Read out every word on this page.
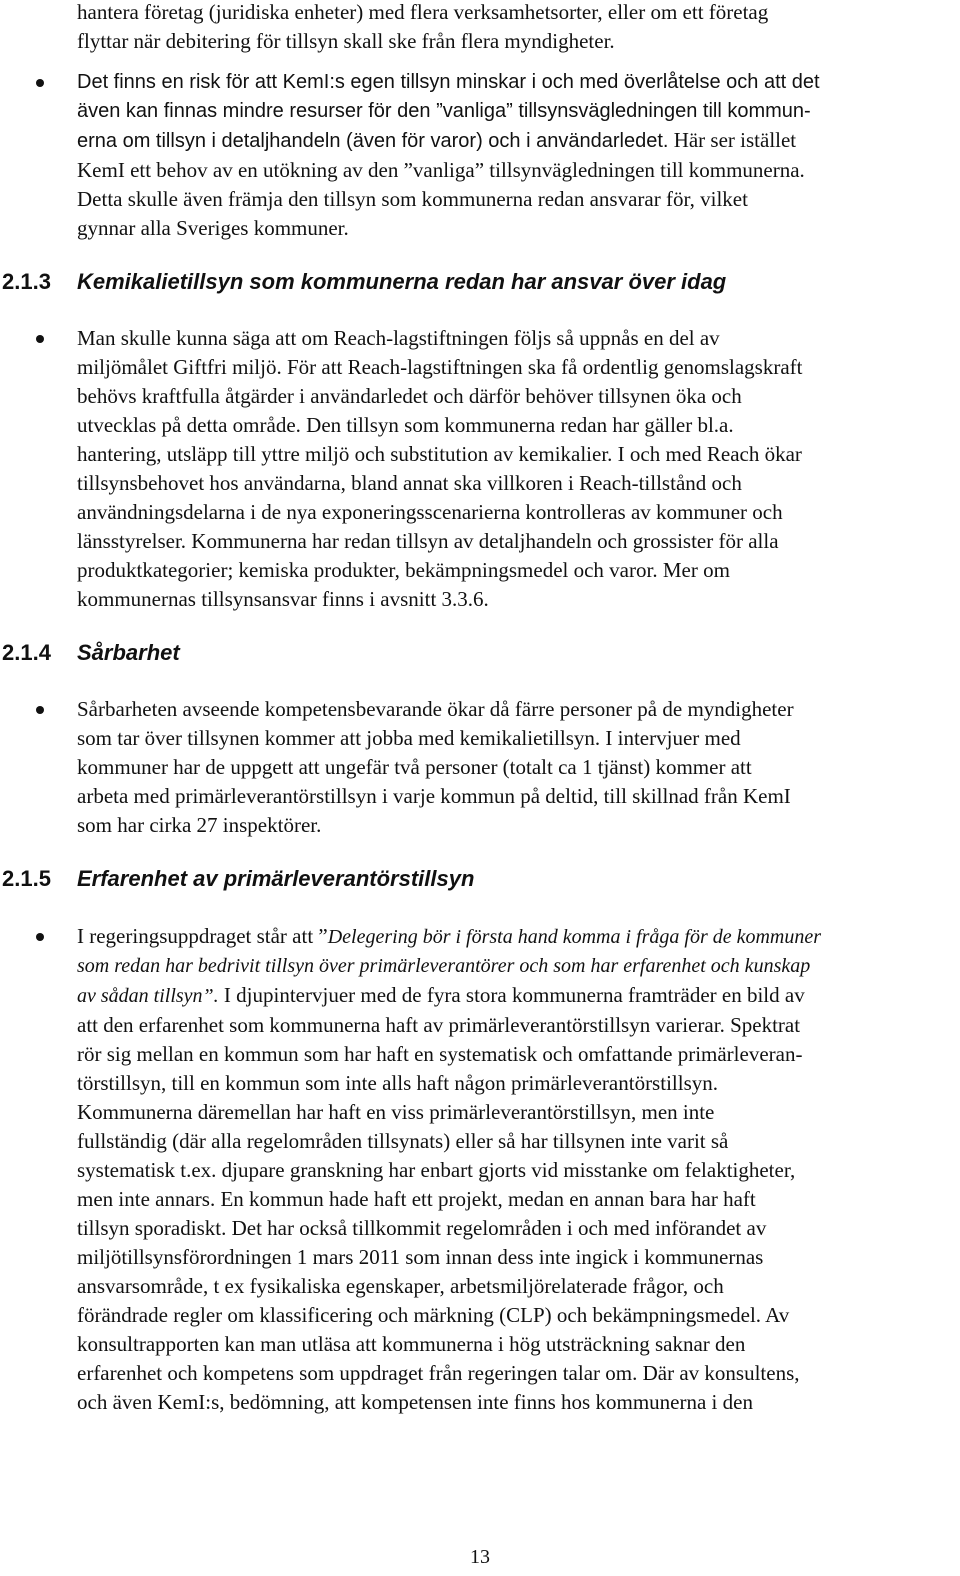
hantera företag (juridiska enheter) med flera verksamhetsorter, eller om ett företag
flyttar när debitering för tillsyn skall ske från flera myndigheter.
Det finns en risk för att KemI:s egen tillsyn minskar i och med överlåtelse och att det
även kan finnas mindre resurser för den ”vanliga” tillsynsvägledningen till kommun-
erna om tillsyn i detaljhandeln (även för varor) och i användarledet. Här ser istället
KemI ett behov av en utökning av den ”vanliga” tillsynvägledningen till kommunerna.
Detta skulle även främja den tillsyn som kommunerna redan ansvarar för, vilket
gynnar alla Sveriges kommuner.
2.1.3 Kemikalietillsyn som kommunerna redan har ansvar över idag
Man skulle kunna säga att om Reach-lagstiftningen följs så uppnås en del av
miljömålet Giftfri miljö. För att Reach-lagstiftningen ska få ordentlig genomslagskraft
behövs kraftfulla åtgärder i användarledet och därför behöver tillsynen öka och
utvecklas på detta område. Den tillsyn som kommunerna redan har gäller bl.a.
hantering, utsläpp till yttre miljö och substitution av kemikalier. I och med Reach ökar
tillsynsbehovet hos användarna, bland annat ska villkoren i Reach-tillstånd och
användningsdelarna i de nya exponeringsscenarierna kontrolleras av kommuner och
länsstyrelser. Kommunerna har redan tillsyn av detaljhandeln och grossister för alla
produktkategorier; kemiska produkter, bekämpningsmedel och varor. Mer om
kommunernas tillsynsansvar finns i avsnitt 3.3.6.
2.1.4 Sårbarhet
Sårbarheten avseende kompetensbevarande ökar då färre personer på de myndigheter
som tar över tillsynen kommer att jobba med kemikalietillsyn. I intervjuer med
kommuner har de uppgett att ungefär två personer (totalt ca 1 tjänst) kommer att
arbeta med primärleverantörstillsyn i varje kommun på deltid, till skillnad från KemI
som har cirka 27 inspektörer.
2.1.5 Erfarenhet av primärleverantörstillsyn
I regeringsuppdraget står att ”Delegering bör i första hand komma i fråga för de kommuner
som redan har bedrivit tillsyn över primärleverantörer och som har erfarenhet och kunskap
av sådan tillsyn”. I djupintervjuer med de fyra stora kommunerna framträder en bild av
att den erfarenhet som kommunerna haft av primärleverantörstillsyn varierar. Spektrat
rör sig mellan en kommun som har haft en systematisk och omfattande primärleveran-
törstillsyn, till en kommun som inte alls haft någon primärleverantörstillsyn.
Kommunerna däremellan har haft en viss primärleverantörstillsyn, men inte
fullständig (där alla regelområden tillsynats) eller så har tillsynen inte varit så
systematisk t.ex. djupare granskning har enbart gjorts vid misstanke om felaktigheter,
men inte annars. En kommun hade haft ett projekt, medan en annan bara har haft
tillsyn sporadiskt. Det har också tillkommit regelområden i och med införandet av
miljötillsynsförordningen 1 mars 2011 som innan dess inte ingick i kommunernas
ansvarsområde, t ex fysikaliska egenskaper, arbetsmiljörelaterade frågor, och
förändrade regler om klassificering och märkning (CLP) och bekämpningsmedel. Av
konsultrapporten kan man utläsa att kommunerna i hög utsträckning saknar den
erfarenhet och kompetens som uppdraget från regeringen talar om. Där av konsultens,
och även KemI:s, bedömning, att kompetensen inte finns hos kommunerna i den
13
